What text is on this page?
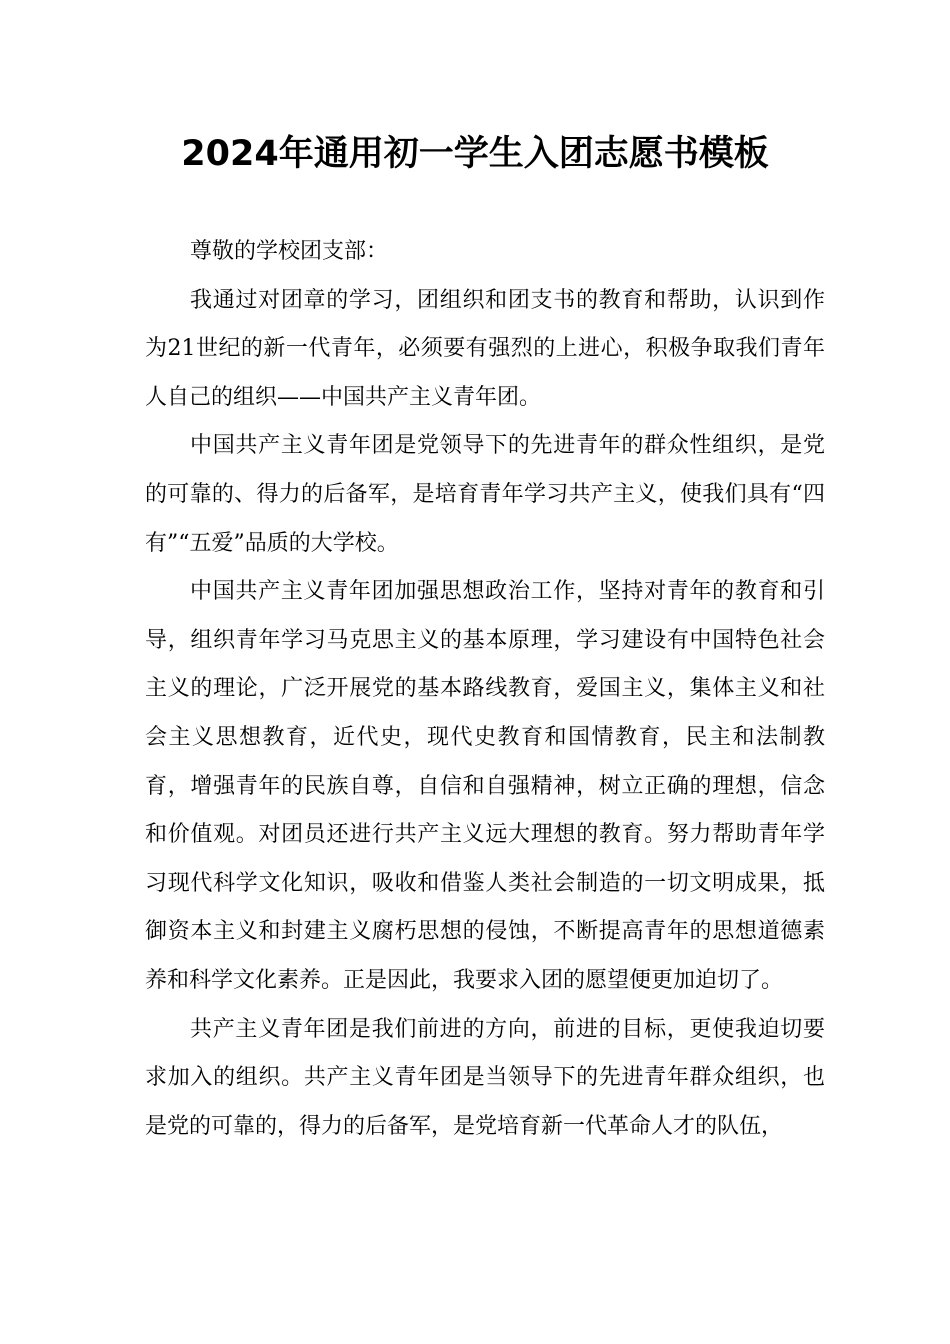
2024年通用初一学生入团志愿书模板

尊敬的学校团支部：

我通过对团章的学习，团组织和团支书的教育和帮助，认识到作为21世纪的新一代青年，必须要有强烈的上进心，积极争取我们青年人自己的组织——中国共产主义青年团。

中国共产主义青年团是党领导下的先进青年的群众性组织，是党的可靠的、得力的后备军，是培育青年学习共产主义，使我们具有“四有”“五爱”品质的大学校。

中国共产主义青年团加强思想政治工作，坚持对青年的教育和引导，组织青年学习马克思主义的基本原理，学习建设有中国特色社会主义的理论，广泛开展党的基本路线教育，爱国主义，集体主义和社会主义思想教育，近代史，现代史教育和国情教育，民主和法制教育，增强青年的民族自尊，自信和自强精神，树立正确的理想，信念和价值观。对团员还进行共产主义远大理想的教育。努力帮助青年学习现代科学文化知识，吸收和借鉴人类社会制造的一切文明成果，抵御资本主义和封建主义腐朽思想的侵蚀，不断提高青年的思想道德素养和科学文化素养。正是因此，我要求入团的愿望便更加迫切了。

共产主义青年团是我们前进的方向，前进的目标，更使我迫切要求加入的组织。共产主义青年团是当领导下的先进青年群众组织，也是党的可靠的，得力的后备军，是党培育新一代革命人才的队伍，
